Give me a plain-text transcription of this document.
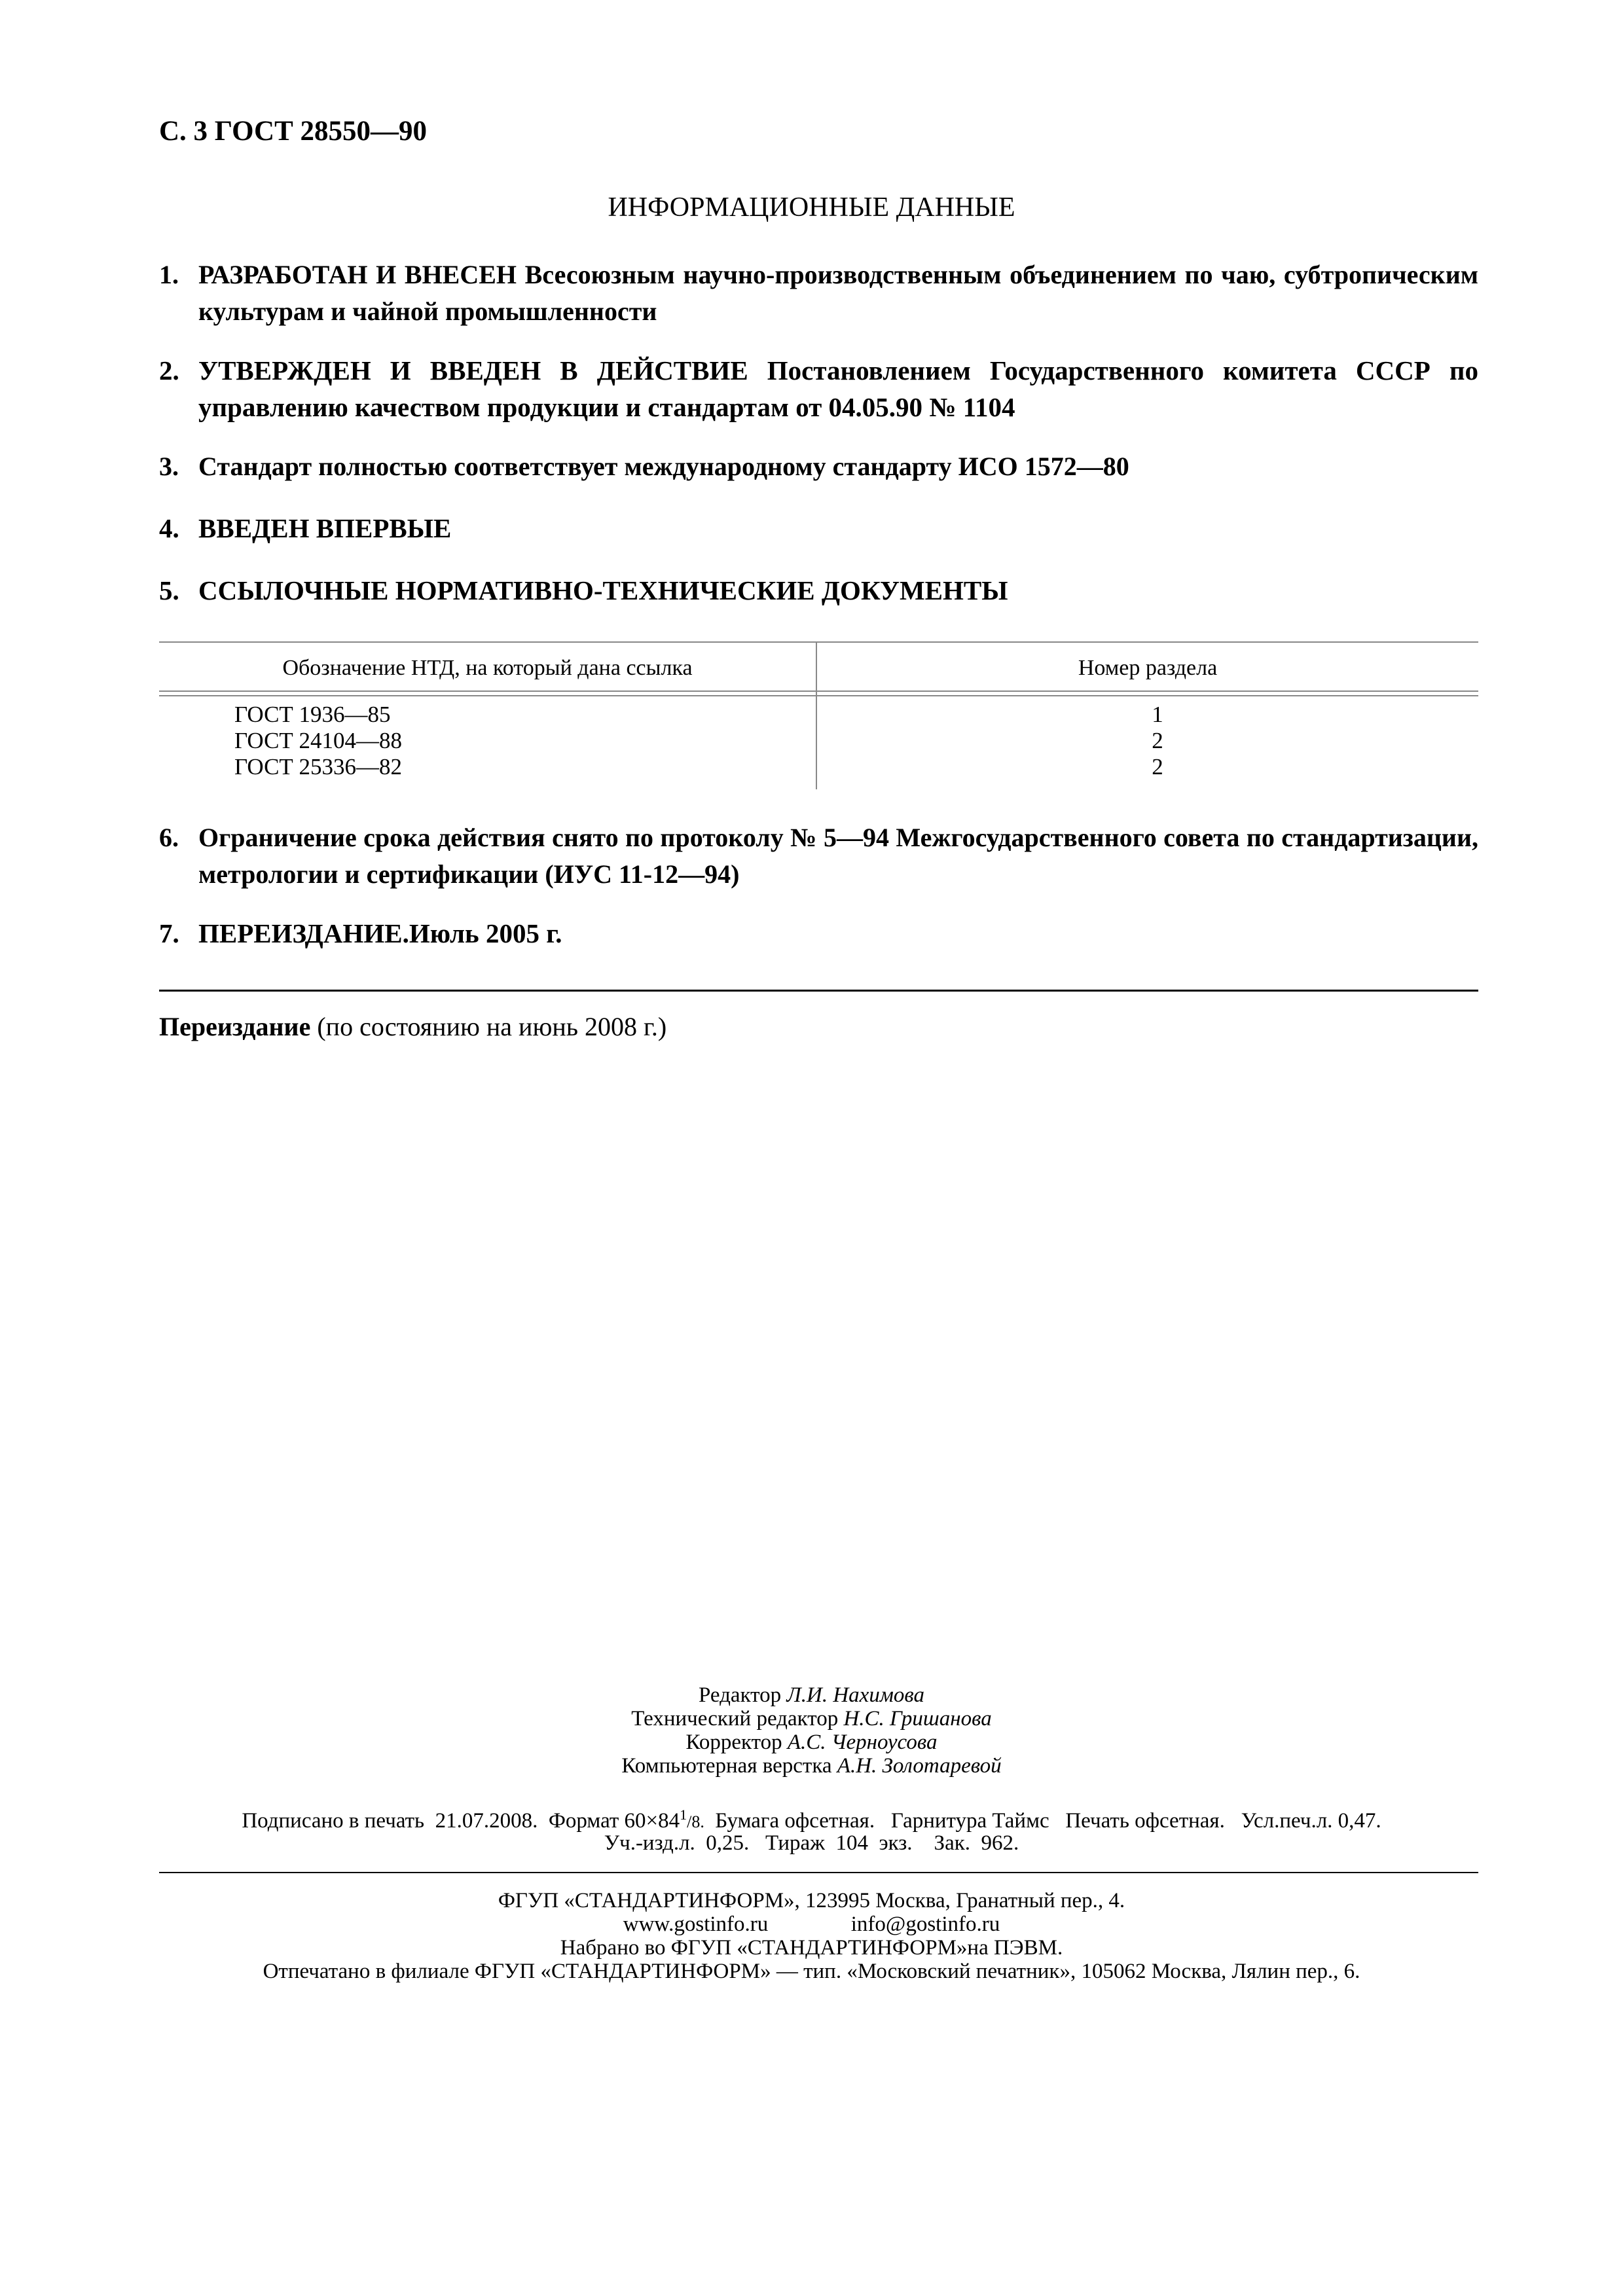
С. 3 ГОСТ 28550—90
ИНФОРМАЦИОННЫЕ ДАННЫЕ
1. РАЗРАБОТАН И ВНЕСЕН Всесоюзным научно-производственным объединением по чаю, субтропическим культурам и чайной промышленности
2. УТВЕРЖДЕН И ВВЕДЕН В ДЕЙСТВИЕ Постановлением Государственного комитета СССР по управлению качеством продукции и стандартам от 04.05.90 № 1104
3. Стандарт полностью соответствует международному стандарту ИСО 1572—80
4. ВВЕДЕН ВПЕРВЫЕ
5. ССЫЛОЧНЫЕ НОРМАТИВНО-ТЕХНИЧЕСКИЕ ДОКУМЕНТЫ
Обозначение НТД, на который дана ссылка	Номер раздела
ГОСТ 1936—85
ГОСТ 24104—88
ГОСТ 25336—82
1
2
2
6. Ограничение срока действия снято по протоколу № 5—94 Межгосударственного совета по стандартизации, метрологии и сертификации (ИУС 11-12—94)
7. ПЕРЕИЗДАНИЕ.Июль 2005 г.
Переиздание (по состоянию на июнь 2008 г.)
Редактор Л.И. Нахимова
Технический редактор Н.С. Гришанова
Корректор А.С. Черноусова
Компьютерная верстка А.Н. Золотаревой
Подписано в печать  21.07.2008.  Формат $60\times 84^1/8$.  Бумага офсетная.   Гарнитура Таймс   Печать офсетная.   Усл.печ.л. 0,47.
Уч.-изд.л.  0,25.   Тираж  104  экз.    Зак.  962.
ФГУП «СТАНДАРТИНФОРМ», 123995 Москва, Гранатный пер., 4.
www.gostinfo.ru	info@gostinfo.ru
Набрано во ФГУП «СТАНДАРТИНФОРМ»на ПЭВМ.
Отпечатано в филиале ФГУП «СТАНДАРТИНФОРМ» — тип. «Московский печатник», 105062 Москва, Лялин пер., 6.
